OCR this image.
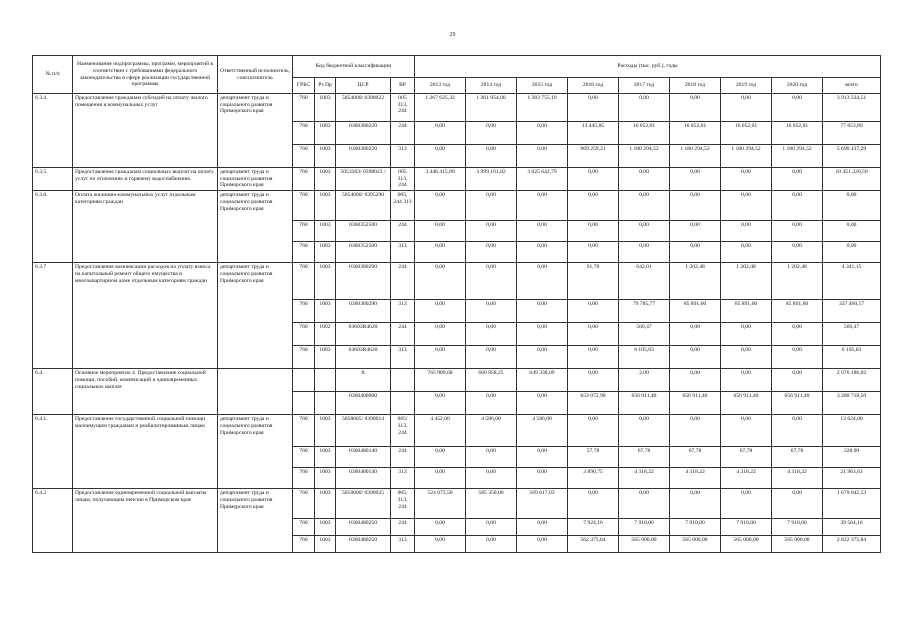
29
№ п/п	Наименование подпрограммы, программ, мероприятий в соответствии с требованиями федерального законодательства в сфере реализации государственной программы	Ответственный исполнитель, соисполнитель	Код бюджетной классификации				Расходы (тыс. руб.), годы								
			ГРБС	Рз Пр	ЦСР	ВР	2013 год	2014 год	2015 год	2016 год	2017 год	2018 год	2019 год	2020 год	всего
6.3.4.	Предоставление гражданам субсидий на оплату жилого помещения и коммунальных услуг	департамент труда и социального развития Приморского края	760	1003	5054800/ 0398022	005 313, 244	1 267 625,32	1 261 954,00	1 383 755,19	0,00	0,00	0,00	0,00	0,00	3 913 334,51
			760	1003	0360380220	244	0,00	0,00	0,00	13 445,85	16 052,01	16 052,01	16 052,01	16 052,01	77 653,89
			760	1003	0360380220	313	0,00	0,00	0,00	969 259,21	1 180 294,52	1 180 294,52	1 180 294,52	1 180 294,52	5 690 437,29
6.3.5.	Предоставление гражданам социальных выплат на оплату услуг по отоплению и горячему водоснабжению	департамент труда и социального развития Приморского края	760	1003	5053303/ 0398023 /	005 313, 244	3 446 415,89	3 999 161,82	3 025 642,79	0,00	0,00	0,00	0,00	0,00	10 451 220,50
6.3.6.	Оплата жилищно-коммунальных услуг отдельным категориям граждан	департамент труда и социального развития Приморского края	760	1003	5054600/ 0395290	005, 244 313	0,00	0,00	0,00	0,00	0,00	0,00	0,00	0,00	0,00
			760	1003	0360352500	244	0,00	0,00	0,00	0,00	0,00	0,00	0,00	0,00	0,00
			760	1003	0360352500	313	0,00	0,00	0,00	0,00	0,00	0,00	0,00	0,00	0,00
6.3.7	Предоставление компенсации расходов на уплату взноса на капитальный ремонт общего имущества в многоквартирном доме отдельным категориям граждан	департамент труда и социального развития Приморского края	760	1003	0360380290	244	0,00	0,00	0,00	91,70	642,01	1 202,48	1 202,48	1 202,48	4 341,15
			760	1003	0360380290	313	0,00	0,00	0,00	0,00	79 785,77	85 891,60	85 891,60	85 891,60	337 460,57
			760	1002	03603R4620	244	0,00	0,00	0,00	0,00	560,47	0,00	0,00	0,00	560,47
			760	1003	03603R4620	313	0,00	0,00	0,00	0,00	6 105,83	0,00	0,00	0,00	6 105,83
6.4.	Основное мероприятие 4. Предоставление социальной помощи, пособий, компенсаций и единовременных социальных выплат				Х		765 989,68	660 858,25	649 338,09	0,00	2,00	0,00	0,00	0,00	2 076 186,02
					0360400000		0,00	0,00	0,00	653 072,90	656 911,40	656 911,40	656 911,40	656 911,40	3 280 718,50
6.4.1.	Предоставление государственной социальной помощи малоимущим гражданам и реабилитированным лицам	департамент труда и социального развития Приморского края	760	1003	5058605/ 0398014	005/ 313, 244	4 452,00	4 586,00	4 586,00	0,00	0,00	0,00	0,00	0,00	13 624,00
			760	1003	0360480140	244	0,00	0,00	0,00	57,78	67,78	67,78	67,78	67,78	328,90
			760	1003	0360480140	313	0,00	0,00	0,00	3 890,75	4 318,22	4 318,22	4 318,22	4 318,22	21 963,63
6.4.2	Предоставление единовременной социальной выплаты лицам, получающим пенсию в Приморском крае	департамент труда и социального развития Приморского края	760	1003	5058600/ 0398025	005, 313, 244	524 075,50	585 350,00	569 617,03	0,00	0,00	0,00	0,00	0,00	1 679 042,53
			760	1003	0360480250	244	0,00	0,00	0,00	7 924,16	7 910,00	7 910,00	7 910,00	7 910,00	39 564,16
			760	1003	0360480250	313	0,00	0,00	0,00	562 375,84	565 000,00	565 000,00	565 000,00	565 000,00	2 822 375,84
